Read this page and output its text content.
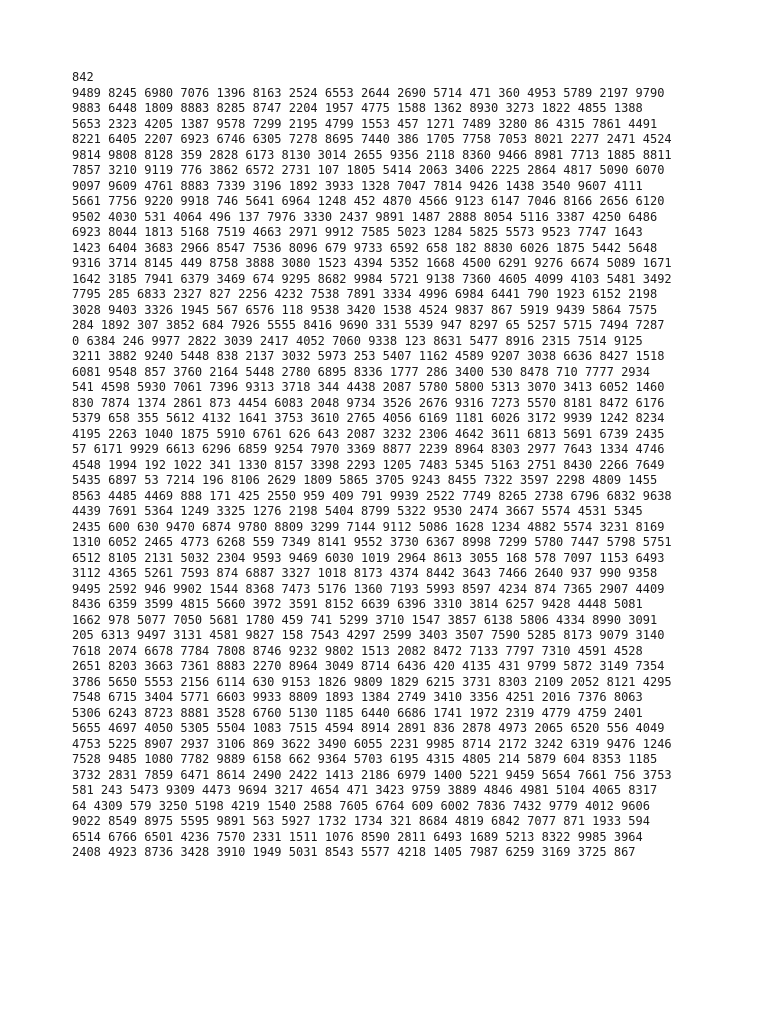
842
9489 8245 6980 7076 1396 8163 2524 6553 2644 2690 5714 471 360 4953 5789 2197 9790
9883 6448 1809 8883 8285 8747 2204 1957 4775 1588 1362 8930 3273 1822 4855 1388
5653 2323 4205 1387 9578 7299 2195 4799 1553 457 1271 7489 3280 86 4315 7861 4491
8221 6405 2207 6923 6746 6305 7278 8695 7440 386 1705 7758 7053 8021 2277 2471 4524
9814 9808 8128 359 2828 6173 8130 3014 2655 9356 2118 8360 9466 8981 7713 1885 8811
7857 3210 9119 776 3862 6572 2731 107 1805 5414 2063 3406 2225 2864 4817 5090 6070
9097 9609 4761 8883 7339 3196 1892 3933 1328 7047 7814 9426 1438 3540 9607 4111
5661 7756 9220 9918 746 5641 6964 1248 452 4870 4566 9123 6147 7046 8166 2656 6120
9502 4030 531 4064 496 137 7976 3330 2437 9891 1487 2888 8054 5116 3387 4250 6486
6923 8044 1813 5168 7519 4663 2971 9912 7585 5023 1284 5825 5573 9523 7747 1643
1423 6404 3683 2966 8547 7536 8096 679 9733 6592 658 182 8830 6026 1875 5442 5648
9316 3714 8145 449 8758 3888 3080 1523 4394 5352 1668 4500 6291 9276 6674 5089 1671
1642 3185 7941 6379 3469 674 9295 8682 9984 5721 9138 7360 4605 4099 4103 5481 3492
7795 285 6833 2327 827 2256 4232 7538 7891 3334 4996 6984 6441 790 1923 6152 2198
3028 9403 3326 1945 567 6576 118 9538 3420 1538 4524 9837 867 5919 9439 5864 7575
284 1892 307 3852 684 7926 5555 8416 9690 331 5539 947 8297 65 5257 5715 7494 7287
0 6384 246 9977 2822 3039 2417 4052 7060 9338 123 8631 5477 8916 2315 7514 9125
3211 3882 9240 5448 838 2137 3032 5973 253 5407 1162 4589 9207 3038 6636 8427 1518
6081 9548 857 3760 2164 5448 2780 6895 8336 1777 286 3400 530 8478 710 7777 2934
541 4598 5930 7061 7396 9313 3718 344 4438 2087 5780 5800 5313 3070 3413 6052 1460
830 7874 1374 2861 873 4454 6083 2048 9734 3526 2676 9316 7273 5570 8181 8472 6176
5379 658 355 5612 4132 1641 3753 3610 2765 4056 6169 1181 6026 3172 9939 1242 8234
4195 2263 1040 1875 5910 6761 626 643 2087 3232 2306 4642 3611 6813 5691 6739 2435
57 6171 9929 6613 6296 6859 9254 7970 3369 8877 2239 8964 8303 2977 7643 1334 4746
4548 1994 192 1022 341 1330 8157 3398 2293 1205 7483 5345 5163 2751 8430 2266 7649
5435 6897 53 7214 196 8106 2629 1809 5865 3705 9243 8455 7322 3597 2298 4809 1455
8563 4485 4469 888 171 425 2550 959 409 791 9939 2522 7749 8265 2738 6796 6832 9638
4439 7691 5364 1249 3325 1276 2198 5404 8799 5322 9530 2474 3667 5574 4531 5345
2435 600 630 9470 6874 9780 8809 3299 7144 9112 5086 1628 1234 4882 5574 3231 8169
1310 6052 2465 4773 6268 559 7349 8141 9552 3730 6367 8998 7299 5780 7447 5798 5751
6512 8105 2131 5032 2304 9593 9469 6030 1019 2964 8613 3055 168 578 7097 1153 6493
3112 4365 5261 7593 874 6887 3327 1018 8173 4374 8442 3643 7466 2640 937 990 9358
9495 2592 946 9902 1544 8368 7473 5176 1360 7193 5993 8597 4234 874 7365 2907 4409
8436 6359 3599 4815 5660 3972 3591 8152 6639 6396 3310 3814 6257 9428 4448 5081
1662 978 5077 7050 5681 1780 459 741 5299 3710 1547 3857 6138 5806 4334 8990 3091
205 6313 9497 3131 4581 9827 158 7543 4297 2599 3403 3507 7590 5285 8173 9079 3140
7618 2074 6678 7784 7808 8746 9232 9802 1513 2082 8472 7133 7797 7310 4591 4528
2651 8203 3663 7361 8883 2270 8964 3049 8714 6436 420 4135 431 9799 5872 3149 7354
3786 5650 5553 2156 6114 630 9153 1826 9809 1829 6215 3731 8303 2109 2052 8121 4295
7548 6715 3404 5771 6603 9933 8809 1893 1384 2749 3410 3356 4251 2016 7376 8063
5306 6243 8723 8881 3528 6760 5130 1185 6440 6686 1741 1972 2319 4779 4759 2401
5655 4697 4050 5305 5504 1083 7515 4594 8914 2891 836 2878 4973 2065 6520 556 4049
4753 5225 8907 2937 3106 869 3622 3490 6055 2231 9985 8714 2172 3242 6319 9476 1246
7528 9485 1080 7782 9889 6158 662 9364 5703 6195 4315 4805 214 5879 604 8353 1185
3732 2831 7859 6471 8614 2490 2422 1413 2186 6979 1400 5221 9459 5654 7661 756 3753
581 243 5473 9309 4473 9694 3217 4654 471 3423 9759 3889 4846 4981 5104 4065 8317
64 4309 579 3250 5198 4219 1540 2588 7605 6764 609 6002 7836 7432 9779 4012 9606
9022 8549 8975 5595 9891 563 5927 1732 1734 321 8684 4819 6842 7077 871 1933 594
6514 6766 6501 4236 7570 2331 1511 1076 8590 2811 6493 1689 5213 8322 9985 3964
2408 4923 8736 3428 3910 1949 5031 8543 5577 4218 1405 7987 6259 3169 3725 867
